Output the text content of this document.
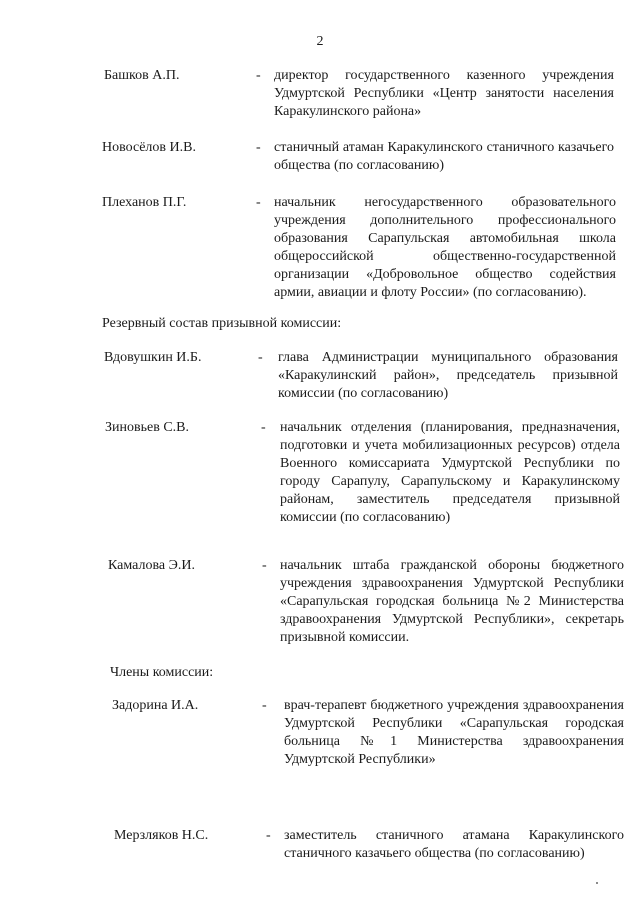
2
Башков А.П.	- директор государственного казенного учреждения Удмуртской Республики «Центр занятости населения Каракулинского района»
Новосёлов И.В.	- станичный атаман Каракулинского станичного казачьего общества (по согласованию)
Плеханов П.Г.	- начальник негосударственного образовательного учреждения дополнительного профессионального образования Сарапульская автомобильная школа общероссийской общественно-государственной организации «Добровольное общество содействия армии, авиации и флоту России» (по согласованию).
Резервный состав призывной комиссии:
Вдовушкин И.Б.	- глава Администрации муниципального образования «Каракулинский район», председатель призывной комиссии (по согласованию)
Зиновьев С.В.	- начальник отделения (планирования, предназначения, подготовки и учета мобилизационных ресурсов) отдела Военного комиссариата Удмуртской Республики по городу Сарапулу, Сарапульскому и Каракулинскому районам, заместитель председателя призывной комиссии (по согласованию)
Камалова Э.И.	- начальник штаба гражданской обороны бюджетного учреждения здравоохранения Удмуртской Республики «Сарапульская городская больница №2 Министерства здравоохранения Удмуртской Республики», секретарь призывной комиссии.
Члены комиссии:
Задорина И.А.	- врач-терапевт бюджетного учреждения здравоохранения Удмуртской Республики «Сарапульская городская больница №1 Министерства здравоохранения Удмуртской Республики»
Мерзляков Н.С.	- заместитель станичного атамана Каракулинского станичного казачьего общества (по согласованию)
